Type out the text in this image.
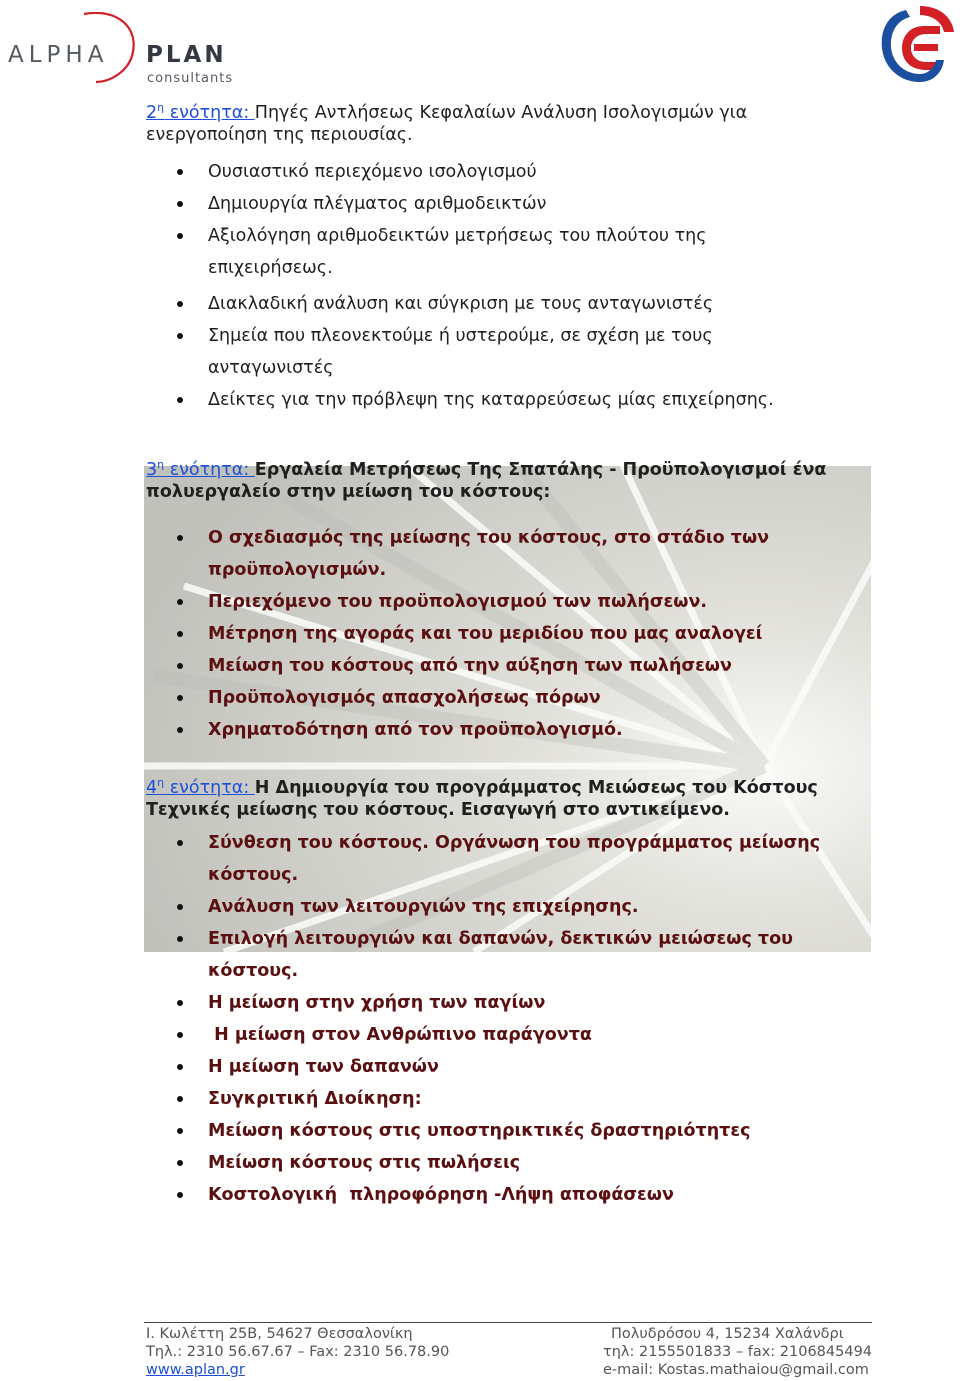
ALPHA PLAN
consultants

$2^\eta$ ενότητα: Πηγές Αντλήσεως Κεφαλαίων Ανάλυση Ισολογισμών για ενεργοποίηση της περιουσίας.

Ουσιαστικό περιεχόμενο ισολογισμού
Δημιουργία πλέγματος αριθμοδεικτών
Αξιολόγηση αριθμοδεικτών μετρήσεως του πλούτου της
επιχειρήσεως.
Διακλαδική ανάλυση και σύγκριση με τους ανταγωνιστές
Σημεία που πλεονεκτούμε ή υστερούμε, σε σχέση με τους
ανταγωνιστές
Δείκτες για την πρόβλεψη της καταρρεύσεως μίας επιχείρησης.

$3^\eta$ ενότητα: Εργαλεία Μετρήσεως Της Σπατάλης - Προϋπολογισμοί ένα πολυεργαλείο στην μείωση του κόστους:

Ο σχεδιασμός της μείωσης του κόστους, στο στάδιο των
προϋπολογισμών.
Περιεχόμενο του προϋπολογισμού των πωλήσεων.
Μέτρηση της αγοράς και του μεριδίου που μας αναλογεί
Μείωση του κόστους από την αύξηση των πωλήσεων
Προϋπολογισμός απασχολήσεως πόρων
Χρηματοδότηση από τον προϋπολογισμό.

$4^\eta$ ενότητα: Η Δημιουργία του προγράμματος Μειώσεως του Κόστους Τεχνικές μείωσης του κόστους. Εισαγωγή στο αντικείμενο.

Σύνθεση του κόστους. Οργάνωση του προγράμματος μείωσης
κόστους.
Ανάλυση των λειτουργιών της επιχείρησης.
Επιλογή λειτουργιών και δαπανών, δεκτικών μειώσεως του
κόστους.
Η μείωση στην χρήση των παγίων
Η μείωση στον Ανθρώπινο παράγοντα
Η μείωση των δαπανών
Συγκριτική Διοίκηση:
Μείωση κόστους στις υποστηρικτικές δραστηριότητες
Μείωση κόστους στις πωλήσεις
Κοστολογική  πληροφόρηση -Λήψη αποφάσεων
Ι. Κωλέττη 25Β, 54627 Θεσσαλονίκη
Τηλ.: 2310 56.67.67 – Fax: 2310 56.78.90
www.aplan.gr
Πολυδρόσου 4, 15234 Χαλάνδρι
τηλ: 2155501833 – fax: 2106845494
e-mail: Kostas.mathaiou@gmail.com
